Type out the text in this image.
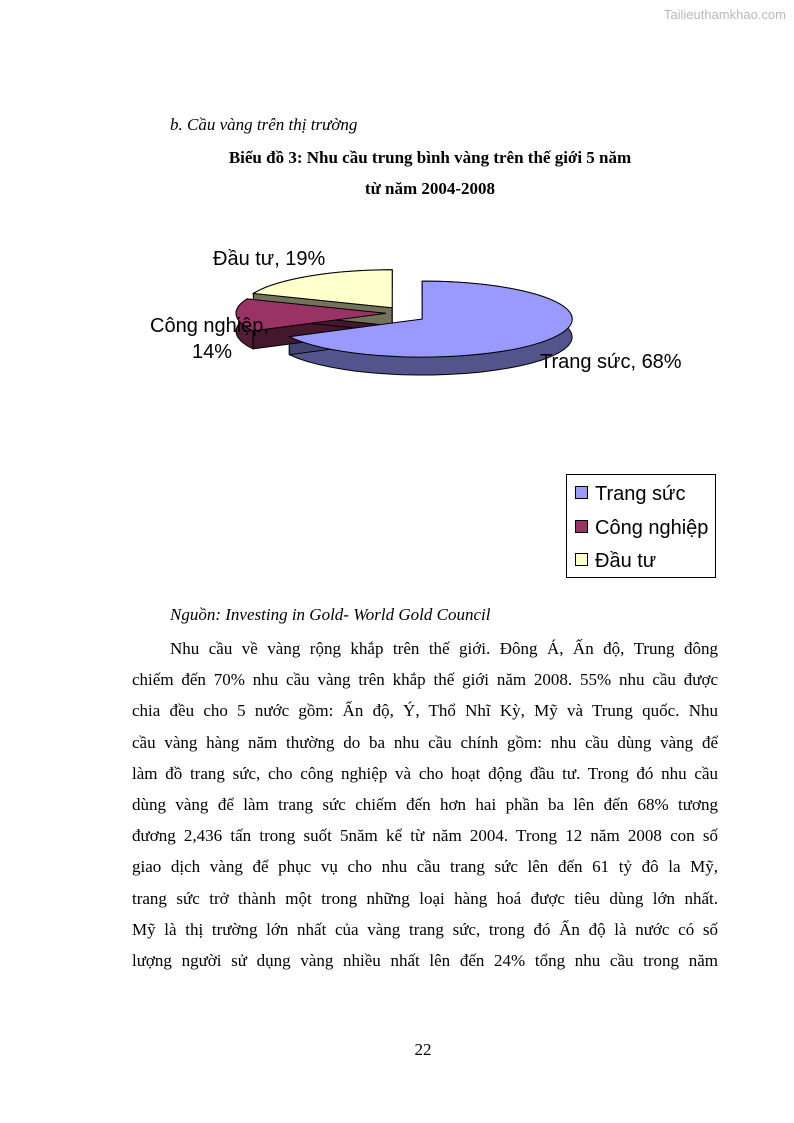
Tailieuthamkhao.com
b. Cầu vàng trên thị trường
Biểu đồ 3: Nhu cầu trung bình vàng trên thế giới 5 năm
từ năm 2004-2008
Đầu tư, 19%
Công nghiệp,
14%	Trang sức, 68%
Trang sức
Công nghiệp
Đầu tư
Nguồn: Investing in Gold- World Gold Council
Nhu cầu về vàng rộng khắp trên thế giới. Đông Á, Ấn độ, Trung đông
chiếm đến 70% nhu cầu vàng trên khắp thế giới năm 2008. 55% nhu cầu được
chia đều cho 5 nước gồm: Ấn độ, Ý, Thổ Nhĩ Kỳ, Mỹ và Trung quốc. Nhu
cầu vàng hàng năm thường do ba nhu cầu chính gồm: nhu cầu dùng vàng để
làm đồ trang sức, cho công nghiệp và cho hoạt động đầu tư. Trong đó nhu cầu
dùng vàng để làm trang sức chiếm đến hơn hai phần ba lên đến 68% tương
đương 2,436 tấn trong suốt 5năm kể từ năm 2004. Trong 12 năm 2008 con số
giao dịch vàng để phục vụ cho nhu cầu trang sức lên đến 61 tỷ đô la Mỹ,
trang sức trở thành một trong những loại hàng hoá được tiêu dùng lớn nhất.
Mỹ là thị trường lớn nhất của vàng trang sức, trong đó Ấn độ là nước có số
lượng người sử dụng vàng nhiều nhất lên đến 24% tổng nhu cầu trong năm
22
